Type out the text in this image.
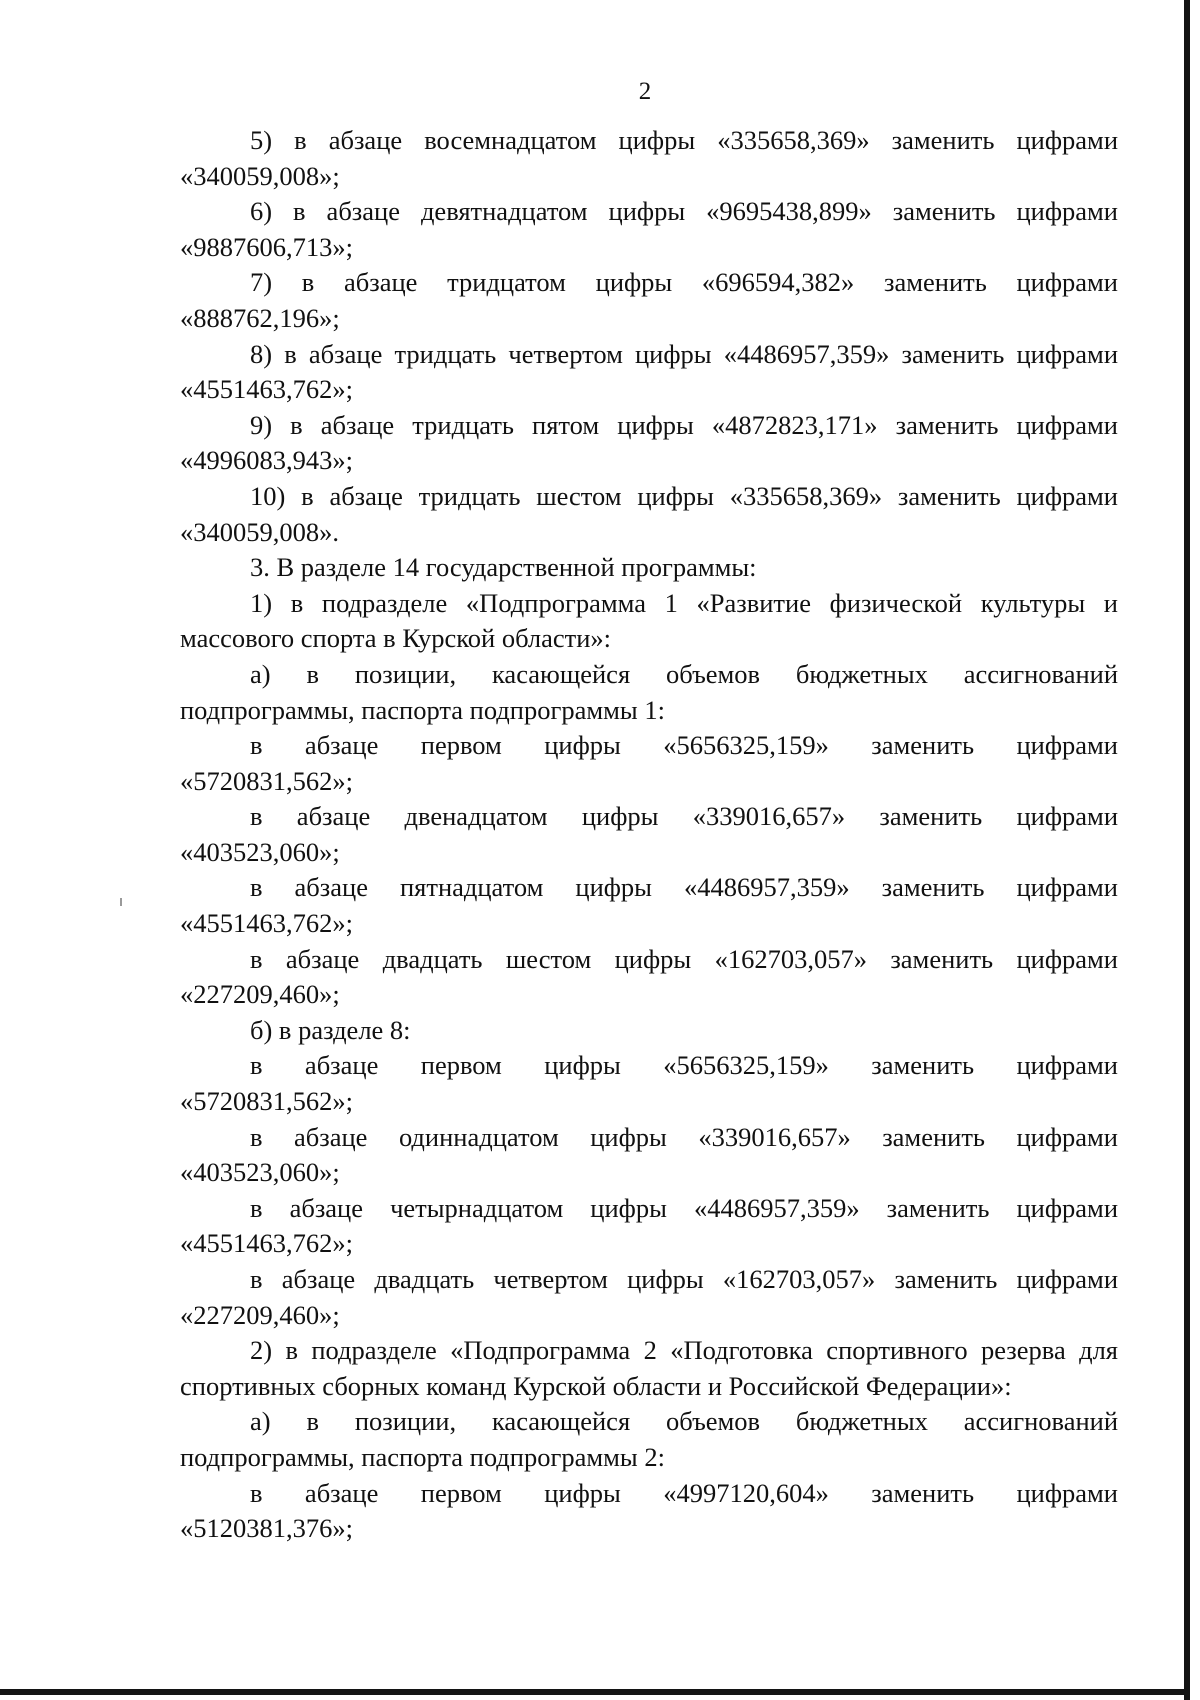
2

5) в абзаце восемнадцатом цифры «335658,369» заменить цифрами «340059,008»;

6) в абзаце девятнадцатом цифры «9695438,899» заменить цифрами «9887606,713»;

7) в абзаце тридцатом цифры «696594,382» заменить цифрами «888762,196»;

8) в абзаце тридцать четвертом цифры «4486957,359» заменить цифрами «4551463,762»;

9) в абзаце тридцать пятом цифры «4872823,171» заменить цифрами «4996083,943»;

10) в абзаце тридцать шестом цифры «335658,369» заменить цифрами «340059,008».

3. В разделе 14 государственной программы:

1) в подразделе «Подпрограмма 1 «Развитие физической культуры и массового спорта в Курской области»:

а) в позиции, касающейся объемов бюджетных ассигнований подпрограммы, паспорта подпрограммы 1:

в абзаце первом цифры «5656325,159» заменить цифрами «5720831,562»;

в абзаце двенадцатом цифры «339016,657» заменить цифрами «403523,060»;

в абзаце пятнадцатом цифры «4486957,359» заменить цифрами «4551463,762»;

в абзаце двадцать шестом цифры «162703,057» заменить цифрами «227209,460»;

б) в разделе 8:

в абзаце первом цифры «5656325,159» заменить цифрами «5720831,562»;

в абзаце одиннадцатом цифры «339016,657» заменить цифрами «403523,060»;

в абзаце четырнадцатом цифры «4486957,359» заменить цифрами «4551463,762»;

в абзаце двадцать четвертом цифры «162703,057» заменить цифрами «227209,460»;

2) в подразделе «Подпрограмма 2 «Подготовка спортивного резерва для спортивных сборных команд Курской области и Российской Федерации»:

а) в позиции, касающейся объемов бюджетных ассигнований подпрограммы, паспорта подпрограммы 2:

в абзаце первом цифры «4997120,604» заменить цифрами «5120381,376»;
